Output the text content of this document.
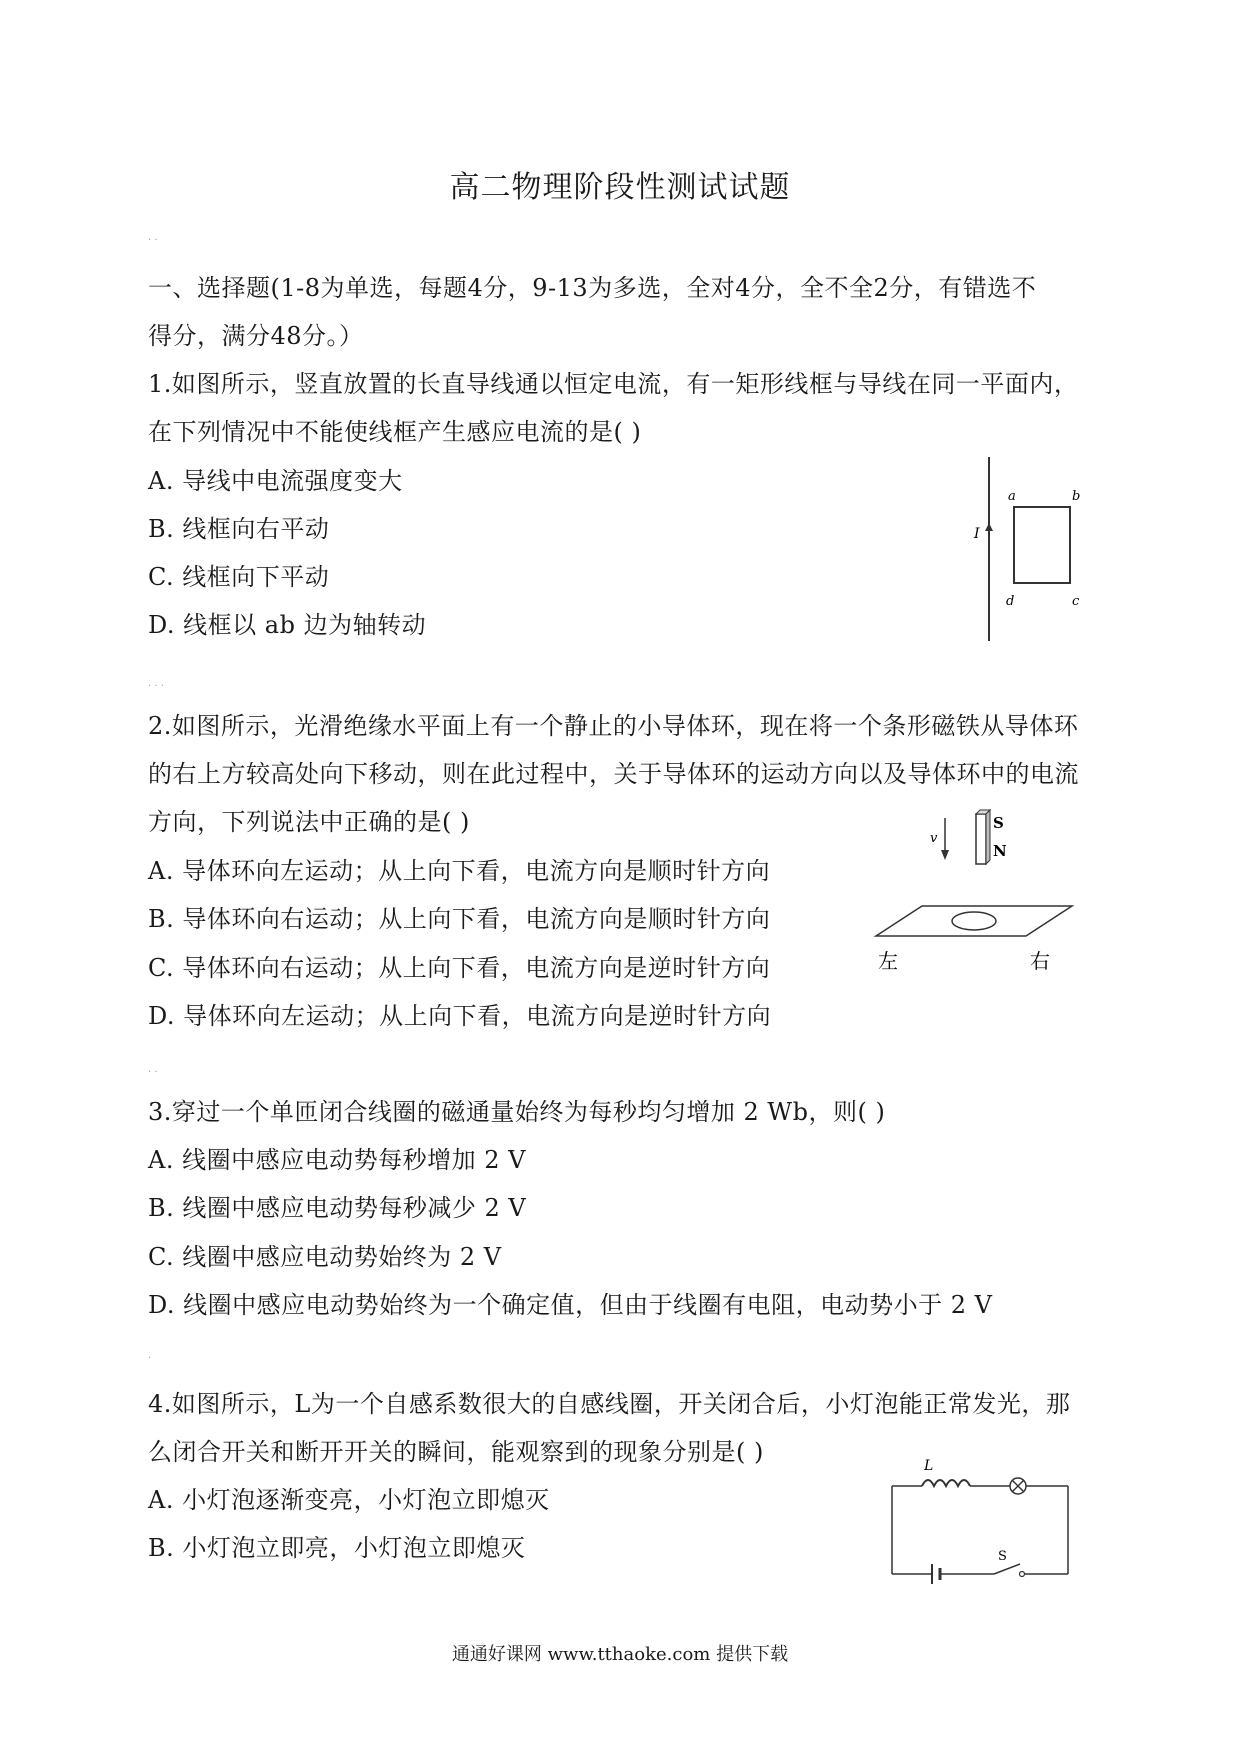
高二物理阶段性测试试题
. .
一、选择题(1-8为单选，每题4分，9-13为多选，全对4分，全不全2分，有错选不
得分，满分48分。）
1.如图所示，竖直放置的长直导线通以恒定电流，有一矩形线框与导线在同一平面内，
在下列情况中不能使线框产生感应电流的是( )
A. 导线中电流强度变大
B. 线框向右平动
C. 线框向下平动
D. 线框以 ab 边为轴转动
I
a	b
c
d
. . .
2.如图所示，光滑绝缘水平面上有一个静止的小导体环，现在将一个条形磁铁从导体环
的右上方较高处向下移动，则在此过程中，关于导体环的运动方向以及导体环中的电流
方向，下列说法中正确的是( )
A. 导体环向左运动；从上向下看，电流方向是顺时针方向
B. 导体环向右运动；从上向下看，电流方向是顺时针方向
C. 导体环向右运动；从上向下看，电流方向是逆时针方向
D. 导体环向左运动；从上向下看，电流方向是逆时针方向
v
S
N
左	右
. .
3.穿过一个单匝闭合线圈的磁通量始终为每秒均匀增加 2 Wb，则( )
A. 线圈中感应电动势每秒增加 2 V
B. 线圈中感应电动势每秒减少 2 V
C. 线圈中感应电动势始终为 2 V
D. 线圈中感应电动势始终为一个确定值，但由于线圈有电阻，电动势小于 2 V
.
4.如图所示，L为一个自感系数很大的自感线圈，开关闭合后，小灯泡能正常发光，那
么闭合开关和断开开关的瞬间，能观察到的现象分别是( )
A. 小灯泡逐渐变亮，小灯泡立即熄灭
B. 小灯泡立即亮，小灯泡立即熄灭
L
S
通通好课网 www.tthaoke.com 提供下载
